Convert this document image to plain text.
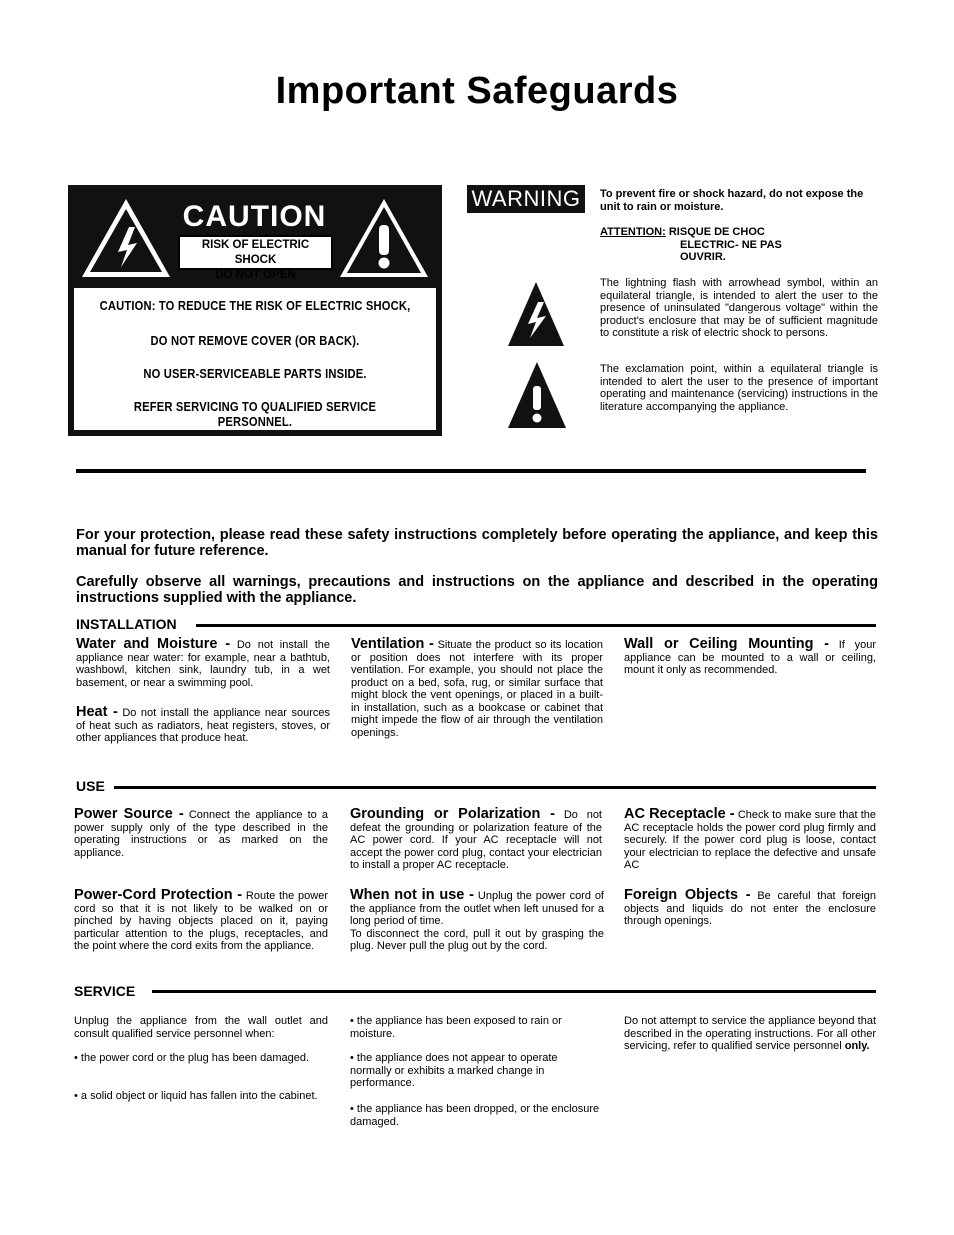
Important Safeguards
CAUTION
RISK OF ELECTRIC SHOCK
DO NOT OPEN
CAUTION: TO REDUCE THE RISK OF ELECTRIC SHOCK,
DO NOT REMOVE COVER (OR BACK).
NO USER-SERVICEABLE PARTS INSIDE.
REFER SERVICING TO QUALIFIED SERVICE PERSONNEL.
WARNING	To prevent fire or shock hazard, do not expose the unit to rain or moisture.
ATTENTION: RISQUE DE CHOC
ELECTRIC- NE PAS
OUVRIR.
The lightning flash with arrowhead symbol, within an equilateral triangle, is intended to alert the user to the presence of uninsulated "dangerous voltage" within the product's enclosure that may be of sufficient magnitude to constitute a risk of electric shock to persons.
The exclamation point, within a equilateral triangle is intended to alert the user to the presence of important operating and maintenance (servicing) instructions in the literature accompanying the appliance.
For your protection, please read these safety instructions completely before operating the appliance, and keep this manual for future reference.
Carefully observe all warnings, precautions and instructions on the appliance and described in the operating instructions supplied with the appliance.
INSTALLATION
Water and Moisture - Do not install the appliance near water: for example, near a bathtub, washbowl, kitchen sink, laundry tub, in a wet basement, or near a swimming pool.
Heat - Do not install the appliance near sources of heat such as radiators, heat registers, stoves, or other appliances that produce heat.
Ventilation - Situate the product so its location or position does not interfere with its proper ventilation. For example, you should not place the product on a bed, sofa, rug, or similar surface that might block the vent openings, or placed in a built-in installation, such as a bookcase or cabinet that might impede the flow of air through the ventilation openings.
Wall or Ceiling Mounting - If your appliance can be mounted to a wall or ceiling, mount it only as recommended.
USE
Power Source - Connect the appliance to a power supply only of the type described in the operating instructions or as marked on the appliance.
Grounding or Polarization - Do not defeat the grounding or polarization feature of the AC power cord. If your AC receptacle will not accept the power cord plug, contact your electrician to install a proper AC receptacle.
AC Receptacle - Check to make sure that the AC receptacle holds the power cord plug firmly and securely. If the power cord plug is loose, contact your electrician to replace the defective and unsafe AC
Power-Cord Protection - Route the power cord so that it is not likely to be walked on or pinched by having objects placed on it, paying particular attention to the plugs, receptacles, and the point where the cord exits from the appliance.
When not in use - Unplug the power cord of the appliance from the outlet when left unused for a long period of time.
To disconnect the cord, pull it out by grasping the plug. Never pull the plug out by the cord.
Foreign Objects - Be careful that foreign objects and liquids do not enter the enclosure through openings.
SERVICE
Unplug the appliance from the wall outlet and consult qualified service personnel when:
• the power cord or the plug has been damaged.
• a solid object or liquid has fallen into the cabinet.
• the appliance has been exposed to rain or moisture.
• the appliance does not appear to operate normally or exhibits a marked change in performance.
• the appliance has been dropped, or the enclosure damaged.
Do not attempt to service the appliance beyond that described in the operating instructions. For all other servicing, refer to qualified service personnel only.
